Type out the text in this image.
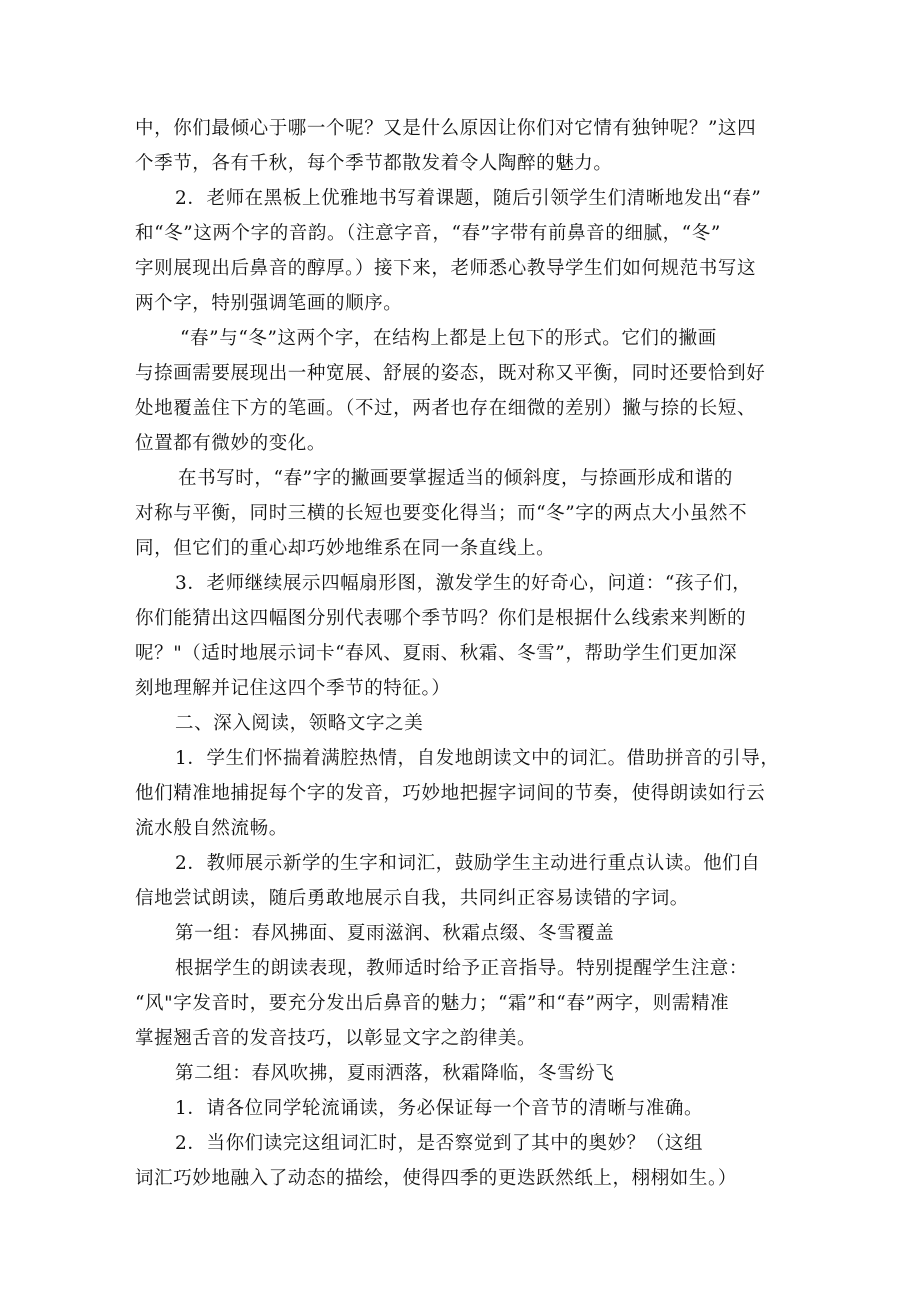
中，你们最倾心于哪一个呢？又是什么原因让你们对它情有独钟呢？”这四
个季节，各有千秋，每个季节都散发着令人陶醉的魅力。
2．老师在黑板上优雅地书写着课题，随后引领学生们清晰地发出“春”
和“冬”这两个字的音韵。（注意字音，“春”字带有前鼻音的细腻，“冬”
字则展现出后鼻音的醇厚。）接下来，老师悉心教导学生们如何规范书写这
两个字，特别强调笔画的顺序。
“春”与“冬”这两个字，在结构上都是上包下的形式。它们的撇画
与捺画需要展现出一种宽展、舒展的姿态，既对称又平衡，同时还要恰到好
处地覆盖住下方的笔画。（不过，两者也存在细微的差别）撇与捺的长短、
位置都有微妙的变化。
在书写时，“春”字的撇画要掌握适当的倾斜度，与捺画形成和谐的
对称与平衡，同时三横的长短也要变化得当；而“冬”字的两点大小虽然不
同，但它们的重心却巧妙地维系在同一条直线上。
3．老师继续展示四幅扇形图，激发学生的好奇心，问道：“孩子们，
你们能猜出这四幅图分别代表哪个季节吗？你们是根据什么线索来判断的
呢？"（适时地展示词卡“春风、夏雨、秋霜、冬雪”，帮助学生们更加深
刻地理解并记住这四个季节的特征。）
二、深入阅读，领略文字之美
1．学生们怀揣着满腔热情，自发地朗读文中的词汇。借助拼音的引导，
他们精准地捕捉每个字的发音，巧妙地把握字词间的节奏，使得朗读如行云
流水般自然流畅。
2．教师展示新学的生字和词汇，鼓励学生主动进行重点认读。他们自
信地尝试朗读，随后勇敢地展示自我，共同纠正容易读错的字词。
第一组：春风拂面、夏雨滋润、秋霜点缀、冬雪覆盖
根据学生的朗读表现，教师适时给予正音指导。特别提醒学生注意：
“风"字发音时，要充分发出后鼻音的魅力；“霜”和“春”两字，则需精准
掌握翘舌音的发音技巧，以彰显文字之韵律美。
第二组：春风吹拂，夏雨洒落，秋霜降临，冬雪纷飞
1．请各位同学轮流诵读，务必保证每一个音节的清晰与准确。
2．当你们读完这组词汇时，是否察觉到了其中的奥妙？（这组
词汇巧妙地融入了动态的描绘，使得四季的更迭跃然纸上，栩栩如生。）
